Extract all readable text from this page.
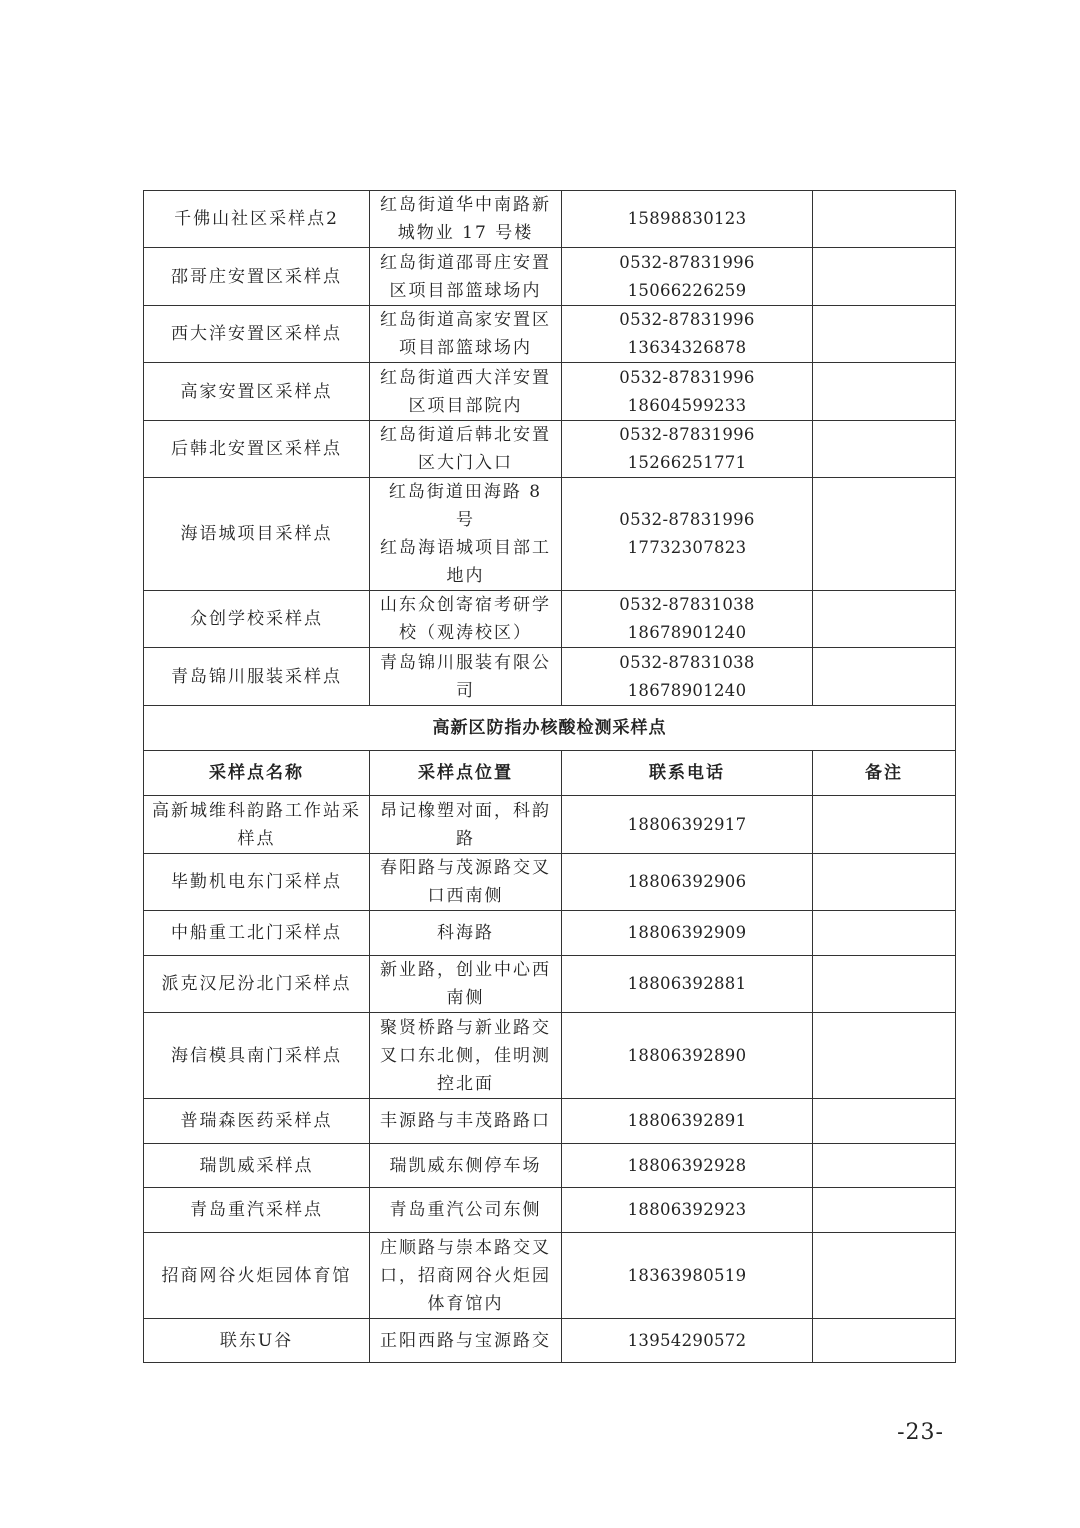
千佛山社区采样点2	红岛街道华中南路新
城物业 17 号楼	15898830123	

邵哥庄安置区采样点	红岛街道邵哥庄安置
区项目部篮球场内	0532-87831996
15066226259	

西大洋安置区采样点	红岛街道高家安置区
项目部篮球场内	0532-87831996
13634326878	

高家安置区采样点	红岛街道西大洋安置
区项目部院内	0532-87831996
18604599233	

后韩北安置区采样点	红岛街道后韩北安置
区大门入口	0532-87831996
15266251771	

海语城项目采样点	红岛街道田海路 8 号
红岛海语城项目部工
地内	0532-87831996
17732307823	

众创学校采样点	山东众创寄宿考研学
校（观涛校区）	0532-87831038
18678901240	

青岛锦川服装采样点	青岛锦川服装有限公
司	0532-87831038
18678901240	

高新区防指办核酸检测采样点			
采样点名称	采样点位置	联系电话	备注

高新城维科韵路工作站采
样点	昂记橡塑对面，科韵
路	18806392917	

毕勤机电东门采样点	春阳路与茂源路交叉
口西南侧	18806392906	

中船重工北门采样点	科海路	18806392909	

派克汉尼汾北门采样点	新业路，创业中心西
南侧	18806392881	

海信模具南门采样点	聚贤桥路与新业路交
叉口东北侧，佳明测
控北面	18806392890	

普瑞森医药采样点	丰源路与丰茂路路口	18806392891	

瑞凯威采样点	瑞凯威东侧停车场	18806392928	

青岛重汽采样点	青岛重汽公司东侧	18806392923	

招商网谷火炬园体育馆	庄顺路与崇本路交叉
口，招商网谷火炬园
体育馆内	18363980519	

联东U谷	正阳西路与宝源路交	13954290572	

-23-
